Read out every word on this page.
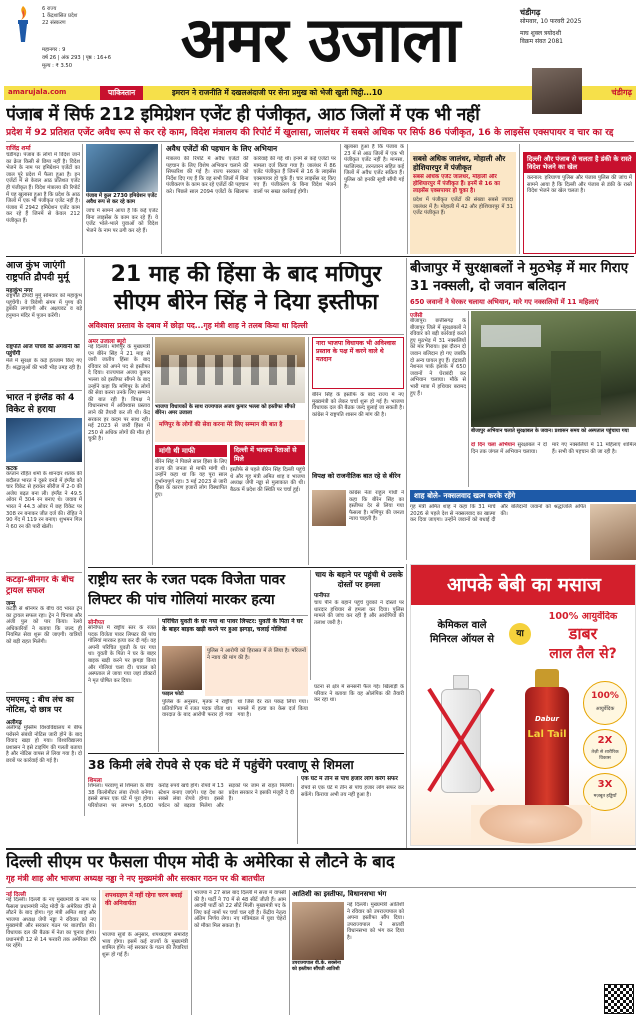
6 राज्य
1 केंद्रशासित प्रदेश
22 संस्करण
महानगर : 9
वर्ष 26 | अंक 293 | पृष्ठ : 16+6
मूल्य : ₹ 3.50	अमर उजाला	चंडीगढ़
सोमवार, 10 फरवरी 2025
माघ शुक्ल त्रयोदशी
विक्रम संवत 2081
amarujala.com	पाकिस्तान	इमरान ने राजनीति में दखलअंदाजी पर सेना प्रमुख को भेजी खुली चिट्ठी...10	चंडीगढ़
पंजाब में सिर्फ 212 इमिग्रेशन एजेंट ही पंजीकृत, आठ जिलों में एक भी नहीं
प्रदेश में 92 प्रतिशत एजेंट अवैध रूप से कर रहे काम, विदेश मंत्रालय की रिपोर्ट में खुलासा, जालंधर में सबसे अधिक पर सिर्फ 86 पंजीकृत, 16 के लाइसेंस एक्सपायर व चार का रद्द
राजिंद्र शर्मा
चंडीगढ़। पंजाब के लोगों में विदेश जाने का क्रेज किसी से छिपा नहीं है। विदेश भेजने के नाम पर इमिग्रेशन एजेंटों का जाल पूरे प्रदेश में फैला हुआ है। इन एजेंटों में से केवल आठ प्रतिशत एजेंट ही पंजीकृत हैं। विदेश मंत्रालय की रिपोर्ट में यह खुलासा हुआ है कि प्रदेश के आठ जिलों में एक भी पंजीकृत एजेंट नहीं है। पंजाब में 2942 इमिग्रेशन एजेंट काम कर रहे हैं जिनमें से केवल 212 पंजीकृत हैं।
पंजाब में कुल 2730 इमिग्रेशन एजेंट अवैध रूप से कर रहे काम
जांच में सामने आया है कि कई एजेंट बिना लाइसेंस के काम कर रहे हैं। ये एजेंट भोले-भाले युवाओं को विदेश भेजने के नाम पर ठगी कर रहे हैं।
अवैध एजेंटों की पहचान के लिए अभियान
मंत्रालय की रिपोर्ट में अवैध एजेंटों की पहचान के लिए विशेष अभियान चलाने की सिफारिश की गई है। राज्य सरकार को निर्देश दिए गए हैं कि वह सभी जिलों में बिना पंजीकरण के काम कर रहे एजेंटों की पहचान करे। पिछले साल 2094 एजेंटों के खिलाफ कार्रवाई की गई थी। इनमें से कई एजेंटों पर मामला दर्ज किया गया है। जालंधर में 86 एजेंट पंजीकृत हैं जिनमें से 16 के लाइसेंस एक्सपायर हो चुके हैं। चार लाइसेंस रद्द किए गए हैं। पंजीकरण के बिना विदेश भेजने वालों पर सख्त कार्रवाई होगी।
खुलासा हुआ है कि पंजाब के 23 में से आठ जिलों में एक भी पंजीकृत एजेंट नहीं है। मानसा, फाजिल्का, तरनतारन सहित कई जिलों में अवैध एजेंट सक्रिय हैं। पुलिस को इनकी सूची सौंपी गई है।
सबसे अधिक जालंधर, मोहाली और होशियारपुर में पंजीकृत
सबसे अधिक एजेंट जालंधर, मोहाली और होशियारपुर में पंजीकृत हैं। इनमें से 16 का लाइसेंस एक्सपायर हो चुका है।
प्रदेश में पंजीकृत एजेंटों की संख्या सबसे ज्यादा जालंधर में है। मोहाली में 42 और होशियारपुर में 31 एजेंट पंजीकृत हैं।
दिल्ली और पंजाब से चलता है डंकी के रास्ते विदेश भेजने का खेल
करनाल: हरियाणा पुलिस और पंजाब पुलिस की जांच में सामने आया है कि दिल्ली और पंजाब से डंकी के रास्ते विदेश भेजने का खेल चलता है।
आज कुंभ जाएंगी राष्ट्रपति द्रौपदी मुर्मू
महाकुंभ नगर
राष्ट्रपति द्रौपदी मुर्मू सोमवार को महाकुंभ पहुंचेंगी। वे त्रिवेणी संगम में पुण्य की डुबकी लगाएंगी और अक्षयवट व बड़े हनुमान मंदिर में पूजन करेंगी।
राष्ट्रपति आज पांचवें की अगवानी को पहुंचेंगी
मेले में सुरक्षा के कड़े इंतजाम किए गए हैं। श्रद्धालुओं की भारी भीड़ उमड़ रही है।
भारत ने इंग्लैंड को 4 विकेट से हराया
कटक
कप्तान रोहित शर्मा के शानदार शतक की बदौलत भारत ने दूसरे वनडे में इंग्लैंड को चार विकेट से हराकर सीरीज में 2-0 की अजेय बढ़त बना ली। इंग्लैंड ने 49.5 ओवर में 304 रन बनाए थे। जवाब में भारत ने 44.3 ओवर में छह विकेट पर 308 रन बनाकर जीत दर्ज की। रोहित ने 90 गेंद में 119 रन बनाए। शुभमन गिल ने 60 रन की पारी खेली।
कटड़ा-श्रीनगर के बीच ट्रायल सफल
जम्मू
कटड़ा से श्रीनगर के बीच वंदे भारत ट्रेन का ट्रायल सफल रहा। ट्रेन ने चिनाब और अंजी पुल को पार किया। रेलवे अधिकारियों ने बताया कि जल्द ही नियमित सेवा शुरू की जाएगी। यात्रियों को बड़ी राहत मिलेगी।
एमएमयू : बीच लंच का नोटिस, दो छात्र पर
अलीगढ़
अलीगढ़ मुस्लिम विश्वविद्यालय में बीफ परोसने संबंधी नोटिस जारी होने के बाद विवाद खड़ा हो गया। विश्वविद्यालय प्रशासन ने इसे टाइपिंग की गलती बताया है और नोटिस वापस ले लिया गया है। दो छात्रों पर कार्रवाई की गई है।
21 माह की हिंसा के बाद मणिपुर
सीएम बीरेन सिंह ने दिया इस्तीफा
अविश्वास प्रस्ताव के दबाव में छोड़ा पद...गृह मंत्री शाह ने तलब किया था दिल्ली
अमर उजाला ब्यूरो
नई दिल्ली। मणिपुर के मुख्यमंत्री एन बीरेन सिंह ने 21 माह से जारी जातीय हिंसा के बाद रविवार को अपने पद से इस्तीफा दे दिया। राज्यपाल अजय कुमार भल्ला को इस्तीफा सौंपने के बाद उन्होंने कहा कि मणिपुर के लोगों की सेवा करना उनके लिए सम्मान की बात रही है। विपक्ष ने विधानसभा में अविश्वास प्रस्ताव लाने की तैयारी कर ली थी। केंद्र सरकार हर कदम पर साथ रही। मई 2023 से जारी हिंसा में 250 से अधिक लोगों की मौत हो चुकी है।
भाजपा विधायकों के साथ राज्यपाल अजय कुमार भल्ला को इस्तीफा सौंपते बीरेन। अमर उजाला
मणिपुर के लोगों की सेवा करना मेरे लिए सम्मान की बात है
मांगी थी माफी
बीरेन सिंह ने पिछले साल हिंसा के लिए राज्य की जनता से माफी मांगी थी। उन्होंने कहा था कि यह पूरा साल दुर्भाग्यपूर्ण रहा। 3 मई 2023 से जारी हिंसा के कारण हजारों लोग विस्थापित हुए।
दिल्ली में भाजपा नेताओं से मिले
इस्तीफे से पहले बीरेन सिंह दिल्ली पहुंचे थे और गृह मंत्री अमित शाह व भाजपा अध्यक्ष जेपी नड्डा से मुलाकात की थी। बैठक में प्रदेश की स्थिति पर चर्चा हुई।
नारा भाजपा विधायक भी अविश्वास प्रस्ताव के पक्ष में करने वाले थे मतदान
बीरेन सिंह के इस्तीफे के बाद राज्य में नए मुख्यमंत्री को लेकर चर्चा शुरू हो गई है। भाजपा विधायक दल की बैठक जल्द बुलाई जा सकती है। कांग्रेस ने राष्ट्रपति शासन की मांग की है।
विपक्ष को राजनीतिक बात रहे से बीरेन
कांग्रेस नेता राहुल गांधी ने कहा कि बीरेन सिंह का इस्तीफा देर से लिया गया फैसला है। मणिपुर की जनता न्याय चाहती है।
बीजापुर में सुरक्षाबलों ने मुठभेड़ में मार गिराए 31 नक्सली, दो जवान बलिदान
650 जवानों ने घेरकर चलाया अभियान, मारे गए नक्सलियों में 11 महिलाएं
एजेंसी
बीजापुर। छत्तीसगढ़ के बीजापुर जिले में सुरक्षाबलों ने रविवार को बड़ी कार्रवाई करते हुए मुठभेड़ में 31 नक्सलियों को मार गिराया। इस दौरान दो जवान बलिदान हो गए जबकि दो अन्य घायल हुए हैं। इंद्रावती नेशनल पार्क इलाके में 650 जवानों ने घेराबंदी कर अभियान चलाया। मौके से भारी मात्रा में हथियार बरामद हुए हैं।
बीजापुर अभियान चलाते सुरक्षाबल के जवान। प्रशासन समय को अस्पताल पहुंचाया गया
दो दिन चला अभियान सुरक्षाबल ने दो दिन तक जंगल में अभियान चलाया।
मारे गए नक्सलियों में 11 महिलाएं शामिल हैं। सभी की पहचान की जा रही है।
शाह बोले- नक्सलवाद खत्म करके रहेंगे
गृह मंत्री अमित शाह ने कहा कि 31 मार्च 2026 से पहले देश से नक्सलवाद का खात्मा कर दिया जाएगा। उन्होंने जवानों को बधाई दी और बलिदानी जवानों को श्रद्धांजलि अर्पित की।
राष्ट्रीय स्तर के रजत पदक विजेता पावर लिफ्टर की पांच गोलियां मारकर हत्या
चाय के बहाने पर पहुंची थे उसके दोस्तों पर हमला
पानीपत
चाय पीने के बहाने पहुंचे युवकों ने दोस्तों पर धारदार हथियार से हमला कर दिया। पुलिस मामले की जांच कर रही है और आरोपियों की तलाश जारी है।
सोनीपत
सोनीपत में राष्ट्रीय स्तर के रजत पदक विजेता पावर लिफ्टर की पांच गोलियां मारकर हत्या कर दी गई। वह अपनी परिचित युवती के घर गया था। युवती के पिता ने घर के बाहर बाइक खड़ी करने पर झगड़ा किया और गोलियां चला दीं। घायल को अस्पताल ले जाया गया जहां डॉक्टरों ने मृत घोषित कर दिया।
परिचित युवती के घर गया था पावर लिफ्टर: युवती के पिता ने घर के बाहर बाइक खड़ी करने पर हुआ झगड़ा, चलाई गोलियां
फाइल फोटो
पुलिस ने आरोपी को हिरासत में ले लिया है। परिजनों ने न्याय की मांग की है।
पुलिस के अनुसार, मृतक ने राष्ट्रीय प्रतियोगिता में रजत पदक जीता था। वारदात के बाद आरोपी फरार हो गया था जिसे देर रात पकड़ लिया गया। मामले में हत्या का केस दर्ज किया गया है।
घटना से क्षेत्र में सनसनी फैल गई। खिलाड़ी के परिवार ने बताया कि वह ओलंपिक की तैयारी कर रहा था।
38 किमी लंबे रोपवे से एक घंटे में पहुंचेंगे परवाणू से शिमला
शिमला
शिमला। परवाणू से शिमला के बीच 38 किलोमीटर लंबा रोपवे बनेगा। इससे सफर एक घंटे में पूरा होगा। परियोजना पर लगभग 5,600 करोड़ रुपये खर्च होंगे। रोपवे में 13 स्टेशन बनाए जाएंगे। यह देश का सबसे लंबा रोपवे होगा। इससे पर्यटन को बढ़ावा मिलेगा और सड़कों पर जाम से राहत मिलेगी। प्रदेश सरकार ने इसकी मंजूरी दे दी है।
एक घंटे में तीन से पांच हजार लोग करेंगे सफर
रोपवे से एक घंटे में तीन से पांच हजार लोग सफर कर सकेंगे। किराया अभी तय नहीं हुआ है।
आपके बेबी का मसाज
100% आयुर्वेदिक
डाबर
लाल तैल से?
या
केमिकल वाले
मिनिरल ऑयल से
Dabur
Lal Tail
100%
आयुर्वेदिक
2X
तेज़ी से शारीरिक विकास
3X
मज़बूत हड्डियाँ
दिल्ली सीएम पर फैसला पीएम मोदी के अमेरिका से लौटने के बाद
गृह मंत्री शाह और भाजपा अध्यक्ष नड्डा ने नए मुख्यमंत्री और सरकार गठन पर की बातचीत
नई दिल्ली
नई दिल्ली। दिल्ली के नए मुख्यमंत्री के नाम पर फैसला प्रधानमंत्री नरेंद्र मोदी के अमेरिका दौरे से लौटने के बाद होगा। गृह मंत्री अमित शाह और भाजपा अध्यक्ष जेपी नड्डा ने रविवार को नए मुख्यमंत्री और सरकार गठन पर बातचीत की। विधायक दल की बैठक में नेता का चुनाव होगा। प्रधानमंत्री 12 से 14 फरवरी तक अमेरिका दौरे पर रहेंगे।
शपथग्रहण में नहीं रहेगा चरण बधाई की अनिवार्यता
भाजपा सूत्रों के अनुसार, शपथग्रहण समारोह भव्य होगा। इसमें कई राज्यों के मुख्यमंत्री शामिल होंगे। नई सरकार के गठन की तैयारियां शुरू हो गई हैं।
भाजपा ने 27 साल बाद दिल्ली में सत्ता में वापसी की है। पार्टी ने 70 में से 48 सीटें जीती हैं। आम आदमी पार्टी को 22 सीटें मिलीं। मुख्यमंत्री पद के लिए कई नामों पर चर्चा चल रही है। केंद्रीय नेतृत्व अंतिम निर्णय लेगा। नए मंत्रिमंडल में युवा चेहरों को मौका मिल सकता है।
आतिशी का इस्तीफा, विधानसभा भंग
उपराज्यपाल वी.के. सक्सेना को इस्तीफा सौंपती आतिशी
नई दिल्ली। मुख्यमंत्री आतिशी ने रविवार को उपराज्यपाल को अपना इस्तीफा सौंप दिया। उपराज्यपाल ने सातवीं विधानसभा को भंग कर दिया है।
